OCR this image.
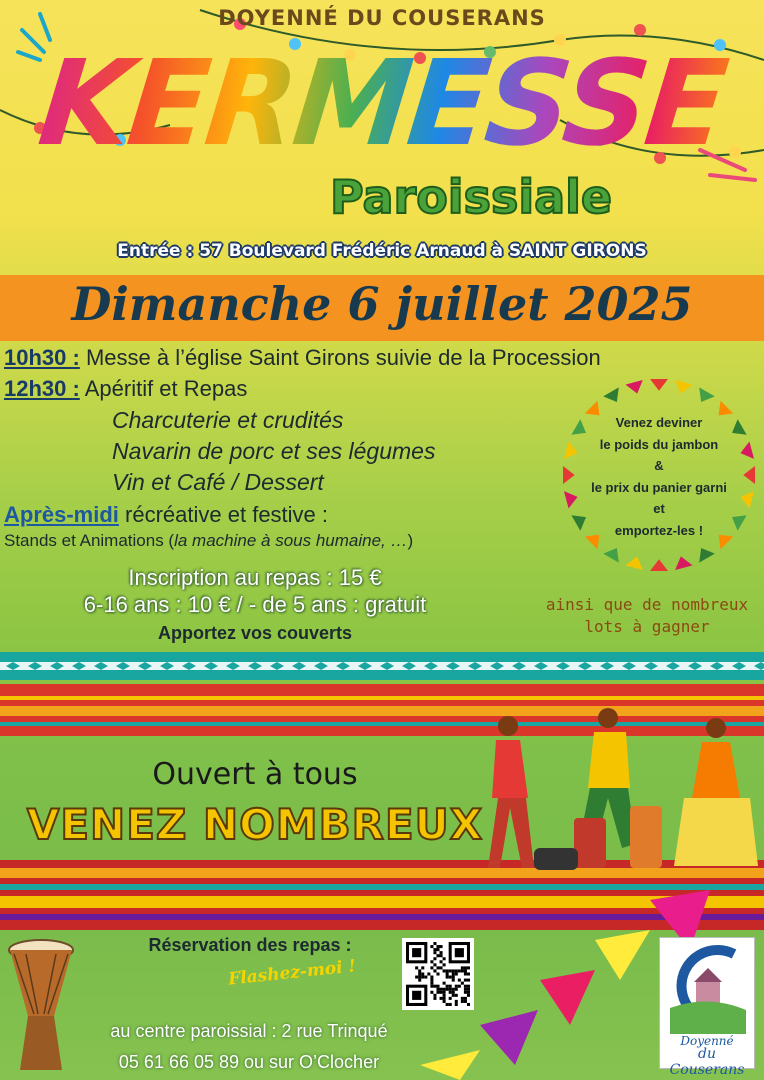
DOYENNÉ DU COUSERANS
KERMESSE
Paroissiale
Entrée : 57 Boulevard Frédéric Arnaud à SAINT GIRONS
Dimanche 6 juillet 2025
10h30 : Messe à l’église Saint Girons suivie de la Procession
12h30 : Apéritif et Repas
Charcuterie et crudités
Navarin de porc et ses légumes
Vin et Café / Dessert
Après-midi récréative et festive :
Stands et Animations (la machine à sous humaine, …)
Inscription au repas : 15 €
6-16 ans : 10 € / - de 5 ans : gratuit
Apportez vos couverts
Venez deviner
le poids du jambon
&
le prix du panier garni
et
emportez-les !
ainsi que de nombreux
lots à gagner
Ouvert à tous
VENEZ NOMBREUX
Réservation des repas :
Flashez-moi !
au centre paroissial : 2 rue Trinqué
05 61 66 05 89 ou sur O’Clocher
Doyenné
du Couserans
